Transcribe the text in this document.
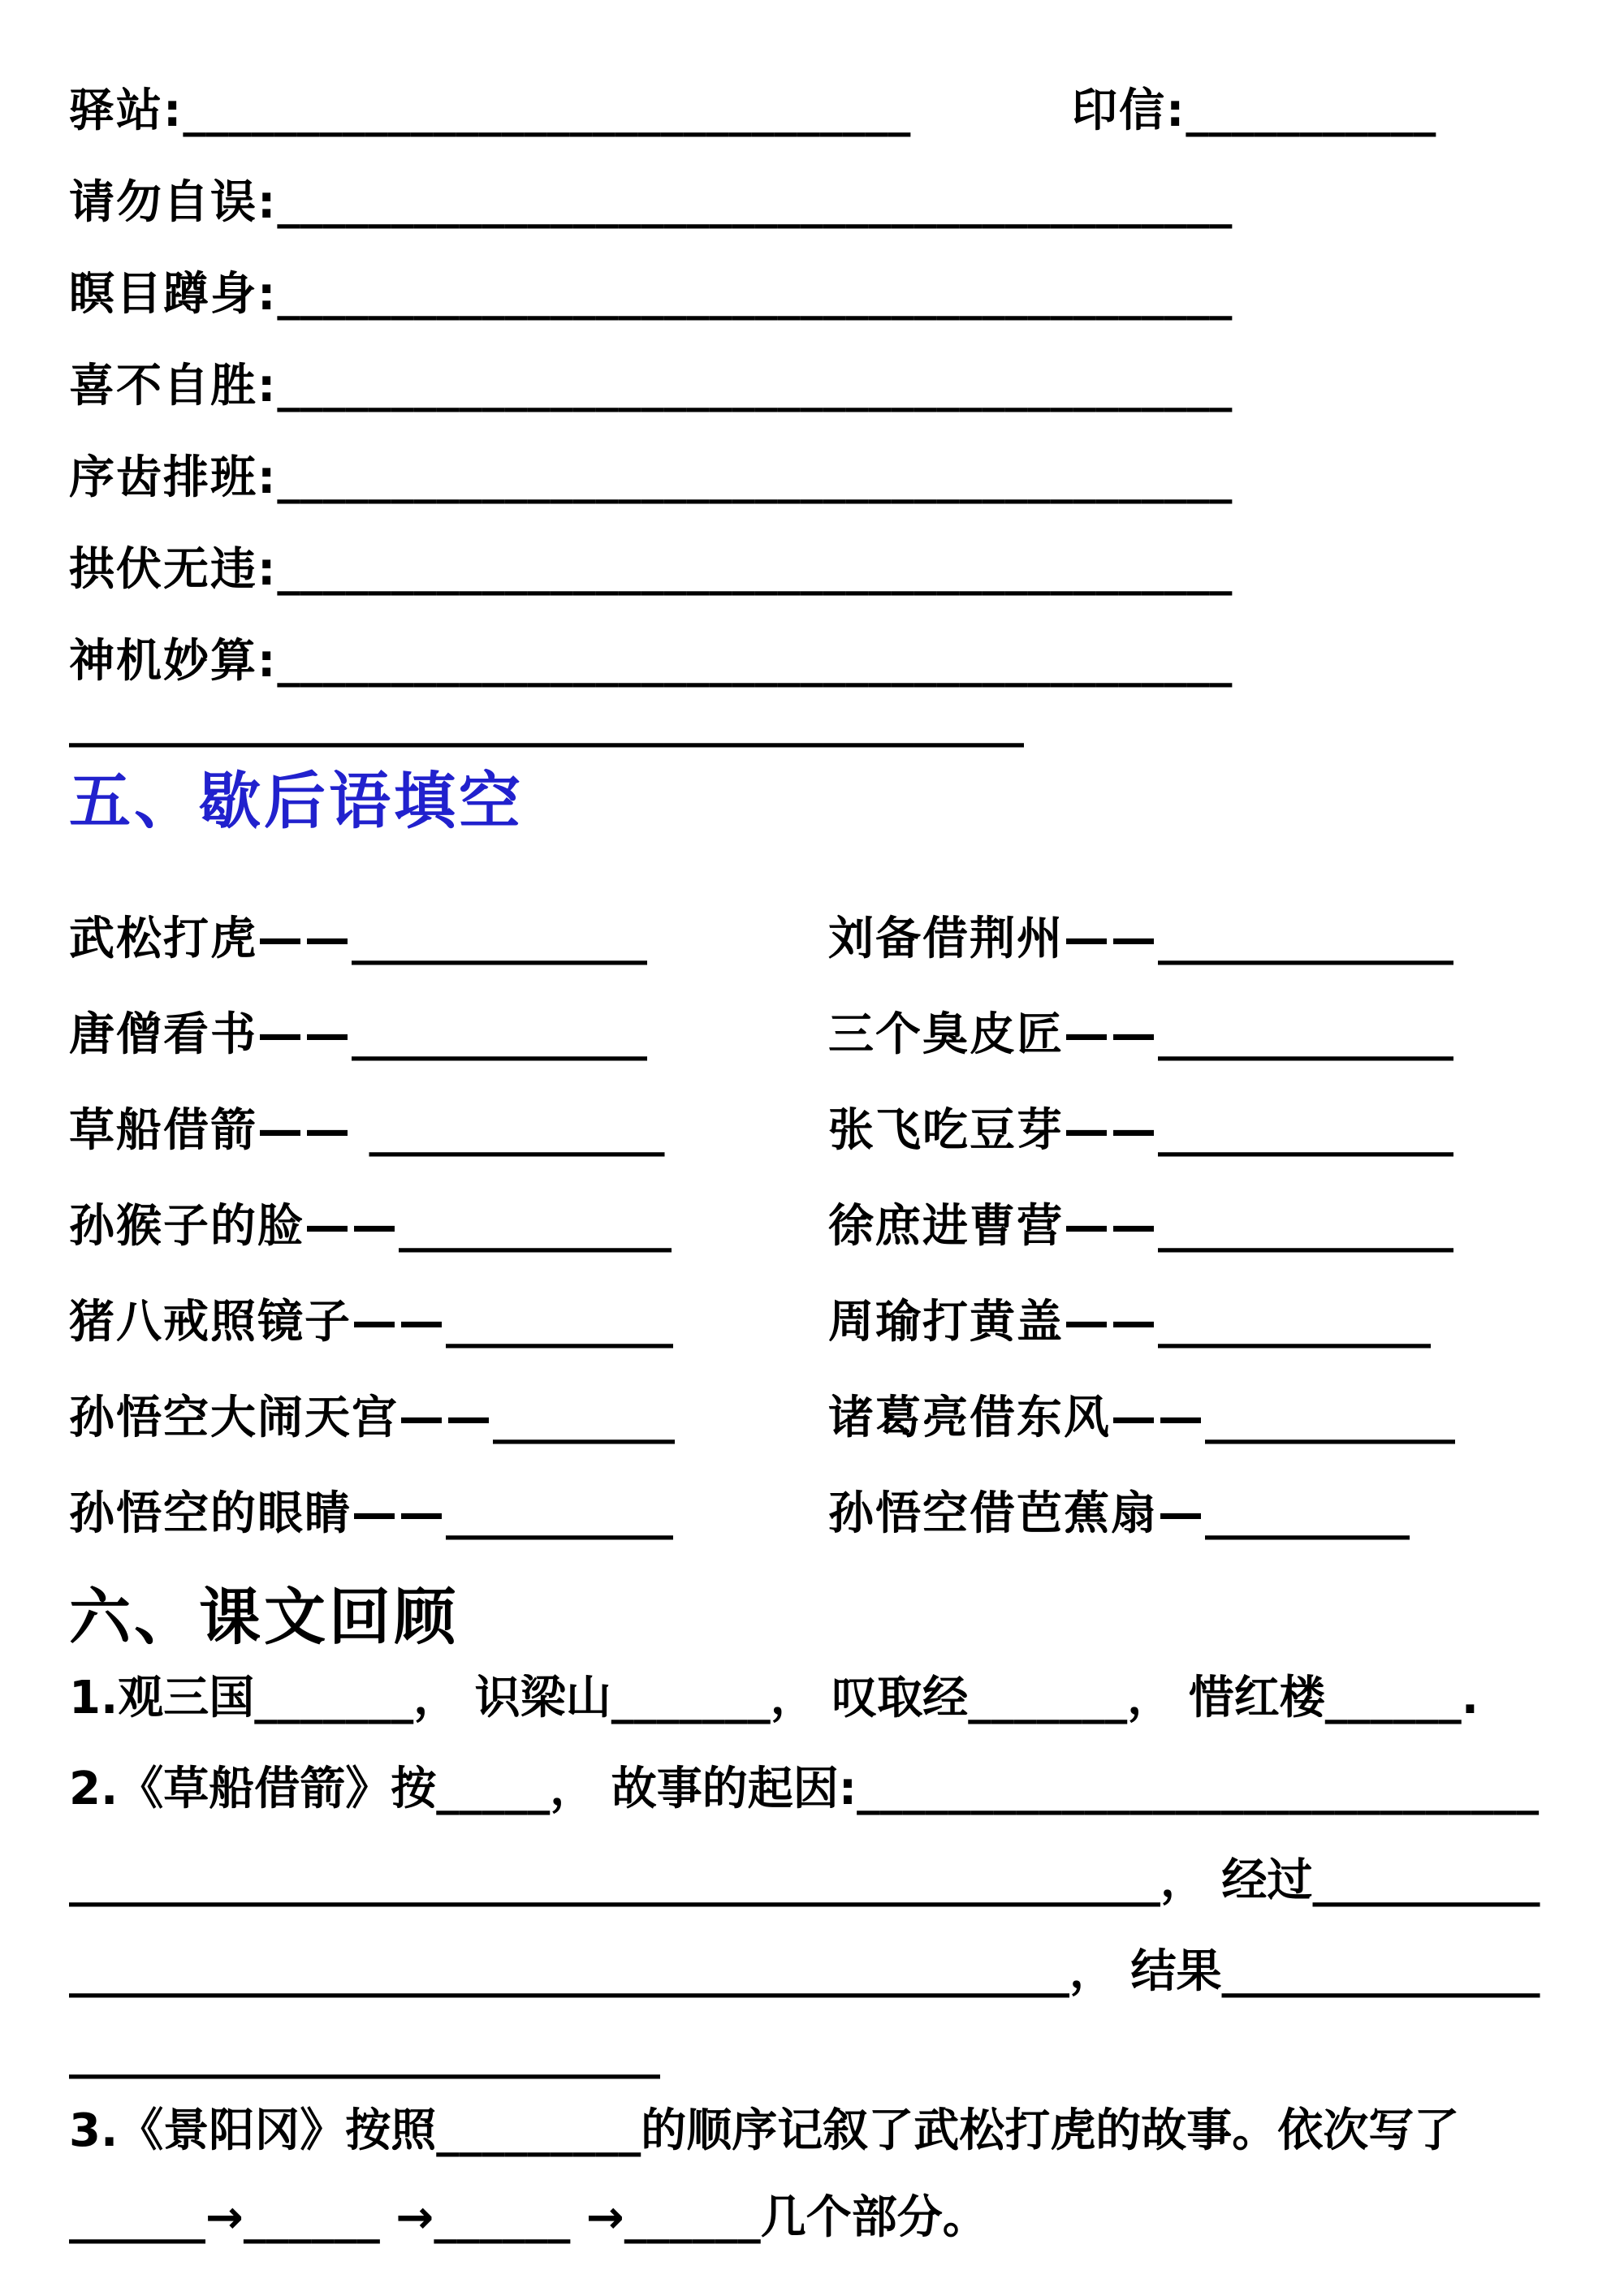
驿站:________________________________	印信:___________
请勿自误:__________________________________________
瞑目蹲身:__________________________________________
喜不自胜:__________________________________________
序齿排班:__________________________________________
拱伏无违:__________________________________________
神机妙算:__________________________________________
__________________________________________
五、歇后语填空
武松打虎——_____________	刘备借荆州——_____________
唐僧看书——_____________	三个臭皮匠——_____________
草船借箭—— _____________	张飞吃豆芽——_____________
孙猴子的脸——____________	徐庶进曹营——_____________
猪八戒照镜子——__________	周瑜打黄盖——____________
孙悟空大闹天宫——________	诸葛亮借东风——___________
孙悟空的眼睛——__________	孙悟空借芭蕉扇—_________
六、课文回顾
1.观三国_______， 识梁山_______， 叹取经_______， 惜红楼______.
2.《草船借箭》按_____， 故事的起因:______________________________
________________________________________________， 经过__________
____________________________________________， 结果______________
__________________________
3.《景阳冈》按照_________的顺序记叙了武松打虎的故事。依次写了
______→______ →______ →______几个部分。
